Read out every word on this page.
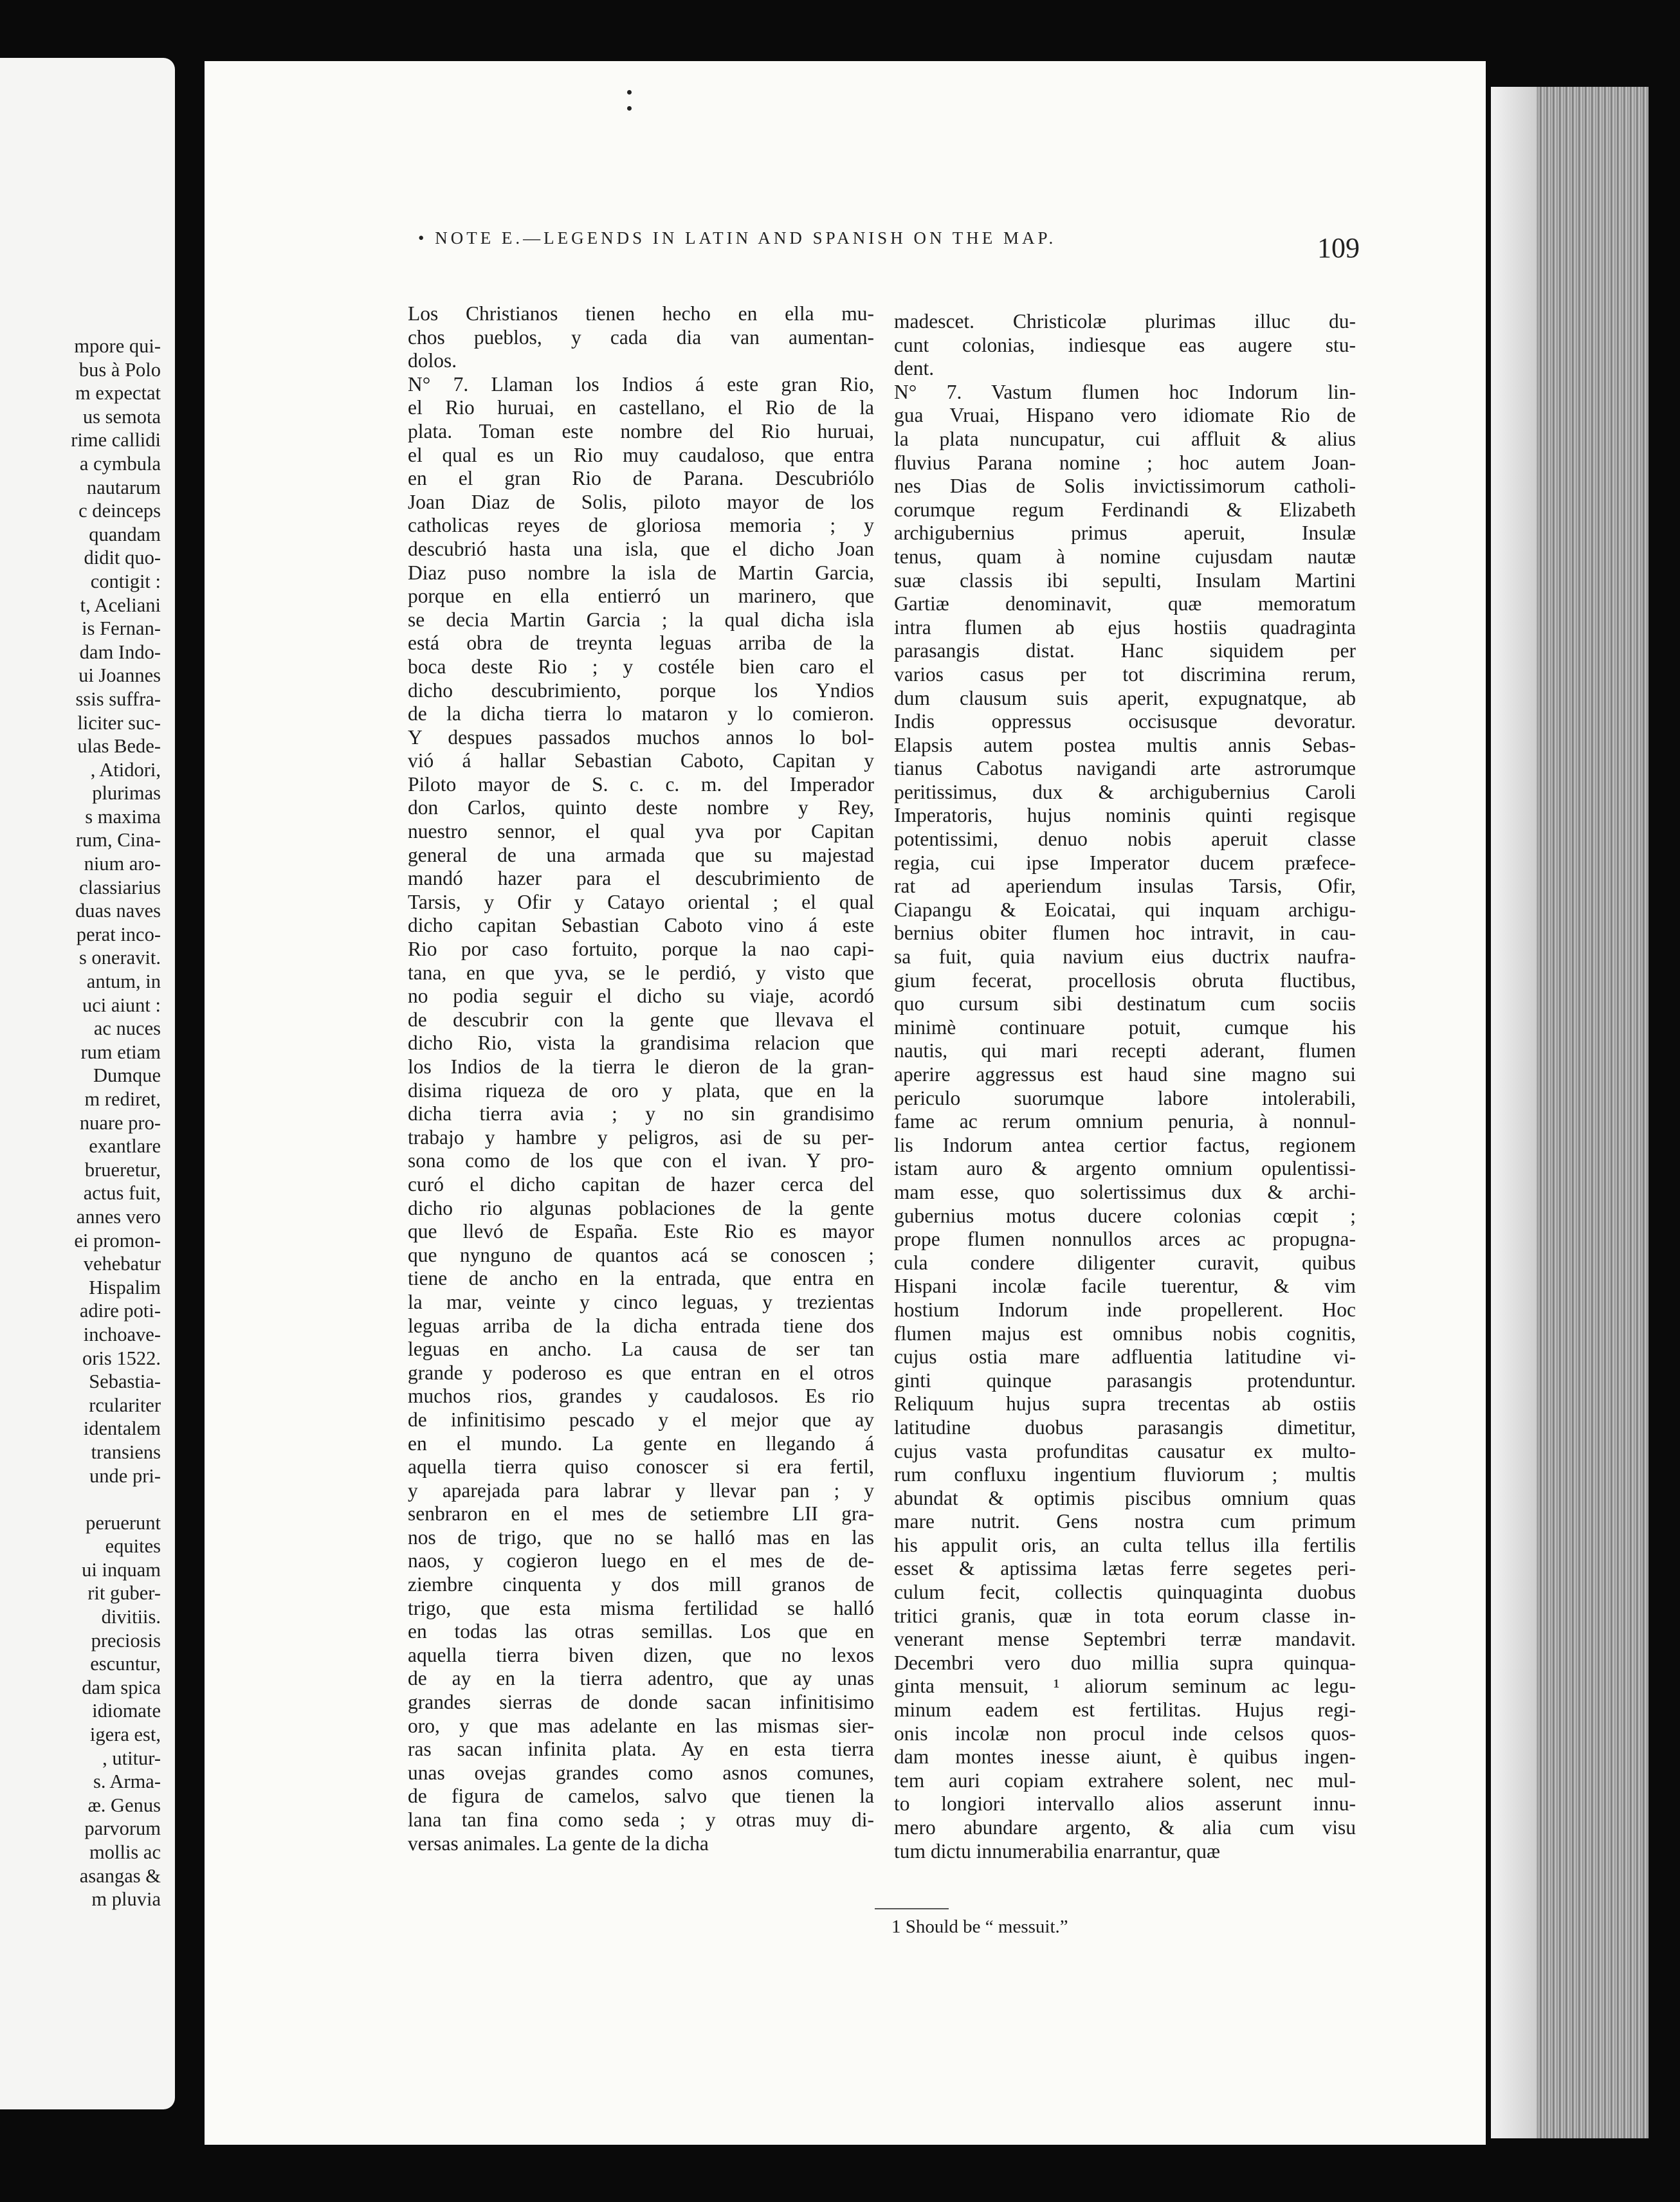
mpore qui-
bus à Polo
m expectat
us semota
rime callidi
a cymbula
nautarum
c deinceps
quandam
didit quo-
contigit :
t, Aceliani
is Fernan-
dam Indo-
ui Joannes
ssis suffra-
liciter suc-
ulas Bede-
, Atidori,
plurimas
s maxima
rum, Cina-
nium aro-
classiarius
duas naves
perat inco-
s oneravit.
antum, in
uci aiunt :
ac nuces
rum etiam
Dumque
m rediret,
nuare pro-
exantlare
brueretur,
actus fuit,
annes vero
ei promon-
vehebatur
Hispalim
adire poti-
inchoave-
oris 1522.
Sebastia-
rculariter
identalem
transiens
unde pri-
peruerunt
equites
ui inquam
rit guber-
divitiis.
preciosis
escuntur,
dam spica
idiomate
igera est,
, utitur-
s. Arma-
æ. Genus
parvorum
mollis ac
asangas &
m pluvia
• NOTE E.—LEGENDS IN LATIN AND SPANISH ON THE MAP.	109
Los Christianos tienen hecho en ella mu-
chos pueblos, y cada dia van aumentan-
dolos.
N° 7. Llaman los Indios á este gran Rio,
el Rio huruai, en castellano, el Rio de la
plata. Toman este nombre del Rio huruai,
el qual es un Rio muy caudaloso, que entra
en el gran Rio de Parana. Descubriólo
Joan Diaz de Solis, piloto mayor de los
catholicas reyes de gloriosa memoria ; y
descubrió hasta una isla, que el dicho Joan
Diaz puso nombre la isla de Martin Garcia,
porque en ella entierró un marinero, que
se decia Martin Garcia ; la qual dicha isla
está obra de treynta leguas arriba de la
boca deste Rio ; y costéle bien caro el
dicho descubrimiento, porque los Yndios
de la dicha tierra lo mataron y lo comieron.
Y despues passados muchos annos lo bol-
vió á hallar Sebastian Caboto, Capitan y
Piloto mayor de S. c. c. m. del Imperador
don Carlos, quinto deste nombre y Rey,
nuestro sennor, el qual yva por Capitan
general de una armada que su majestad
mandó hazer para el descubrimiento de
Tarsis, y Ofir y Catayo oriental ; el qual
dicho capitan Sebastian Caboto vino á este
Rio por caso fortuito, porque la nao capi-
tana, en que yva, se le perdió, y visto que
no podia seguir el dicho su viaje, acordó
de descubrir con la gente que llevava el
dicho Rio, vista la grandisima relacion que
los Indios de la tierra le dieron de la gran-
disima riqueza de oro y plata, que en la
dicha tierra avia ; y no sin grandisimo
trabajo y hambre y peligros, asi de su per-
sona como de los que con el ivan. Y pro-
curó el dicho capitan de hazer cerca del
dicho rio algunas poblaciones de la gente
que llevó de España. Este Rio es mayor
que nynguno de quantos acá se conoscen ;
tiene de ancho en la entrada, que entra en
la mar, veinte y cinco leguas, y trezientas
leguas arriba de la dicha entrada tiene dos
leguas en ancho. La causa de ser tan
grande y poderoso es que entran en el otros
muchos rios, grandes y caudalosos. Es rio
de infinitisimo pescado y el mejor que ay
en el mundo. La gente en llegando á
aquella tierra quiso conoscer si era fertil,
y aparejada para labrar y llevar pan ; y
senbraron en el mes de setiembre LII gra-
nos de trigo, que no se halló mas en las
naos, y cogieron luego en el mes de de-
ziembre cinquenta y dos mill granos de
trigo, que esta misma fertilidad se halló
en todas las otras semillas. Los que en
aquella tierra biven dizen, que no lexos
de ay en la tierra adentro, que ay unas
grandes sierras de donde sacan infinitisimo
oro, y que mas adelante en las mismas sier-
ras sacan infinita plata. Ay en esta tierra
unas ovejas grandes como asnos comunes,
de figura de camelos, salvo que tienen la
lana tan fina como seda ; y otras muy di-
versas animales. La gente de la dicha
madescet. Christicolæ plurimas illuc du-
cunt colonias, indiesque eas augere stu-
dent.
N° 7. Vastum flumen hoc Indorum lin-
gua Vruai, Hispano vero idiomate Rio de
la plata nuncupatur, cui affluit & alius
fluvius Parana nomine ; hoc autem Joan-
nes Dias de Solis invictissimorum catholi-
corumque regum Ferdinandi & Elizabeth
archigubernius primus aperuit, Insulæ
tenus, quam à nomine cujusdam nautæ
suæ classis ibi sepulti, Insulam Martini
Gartiæ denominavit, quæ memoratum
intra flumen ab ejus hostiis quadraginta
parasangis distat. Hanc siquidem per
varios casus per tot discrimina rerum,
dum clausum suis aperit, expugnatque, ab
Indis oppressus occisusque devoratur.
Elapsis autem postea multis annis Sebas-
tianus Cabotus navigandi arte astrorumque
peritissimus, dux & archigubernius Caroli
Imperatoris, hujus nominis quinti regisque
potentissimi, denuo nobis aperuit classe
regia, cui ipse Imperator ducem præfece-
rat ad aperiendum insulas Tarsis, Ofir,
Ciapangu & Eoicatai, qui inquam archigu-
bernius obiter flumen hoc intravit, in cau-
sa fuit, quia navium eius ductrix naufra-
gium fecerat, procellosis obruta fluctibus,
quo cursum sibi destinatum cum sociis
minimè continuare potuit, cumque his
nautis, qui mari recepti aderant, flumen
aperire aggressus est haud sine magno sui
periculo suorumque labore intolerabili,
fame ac rerum omnium penuria, à nonnul-
lis Indorum antea certior factus, regionem
istam auro & argento omnium opulentissi-
mam esse, quo solertissimus dux & archi-
gubernius motus ducere colonias cœpit ;
prope flumen nonnullos arces ac propugna-
cula condere diligenter curavit, quibus
Hispani incolæ facile tuerentur, & vim
hostium Indorum inde propellerent. Hoc
flumen majus est omnibus nobis cognitis,
cujus ostia mare adfluentia latitudine vi-
ginti quinque parasangis protenduntur.
Reliquum hujus supra trecentas ab ostiis
latitudine duobus parasangis dimetitur,
cujus vasta profunditas causatur ex multo-
rum confluxu ingentium fluviorum ; multis
abundat & optimis piscibus omnium quas
mare nutrit. Gens nostra cum primum
his appulit oris, an culta tellus illa fertilis
esset & aptissima lætas ferre segetes peri-
culum fecit, collectis quinquaginta duobus
tritici granis, quæ in tota eorum classe in-
venerant mense Septembri terræ mandavit.
Decembri vero duo millia supra quinqua-
ginta mensuit, ¹ aliorum seminum ac legu-
minum eadem est fertilitas. Hujus regi-
onis incolæ non procul inde celsos quos-
dam montes inesse aiunt, è quibus ingen-
tem auri copiam extrahere solent, nec mul-
to longiori intervallo alios asserunt innu-
mero abundare argento, & alia cum visu
tum dictu innumerabilia enarrantur, quæ
1 Should be “ messuit.”
